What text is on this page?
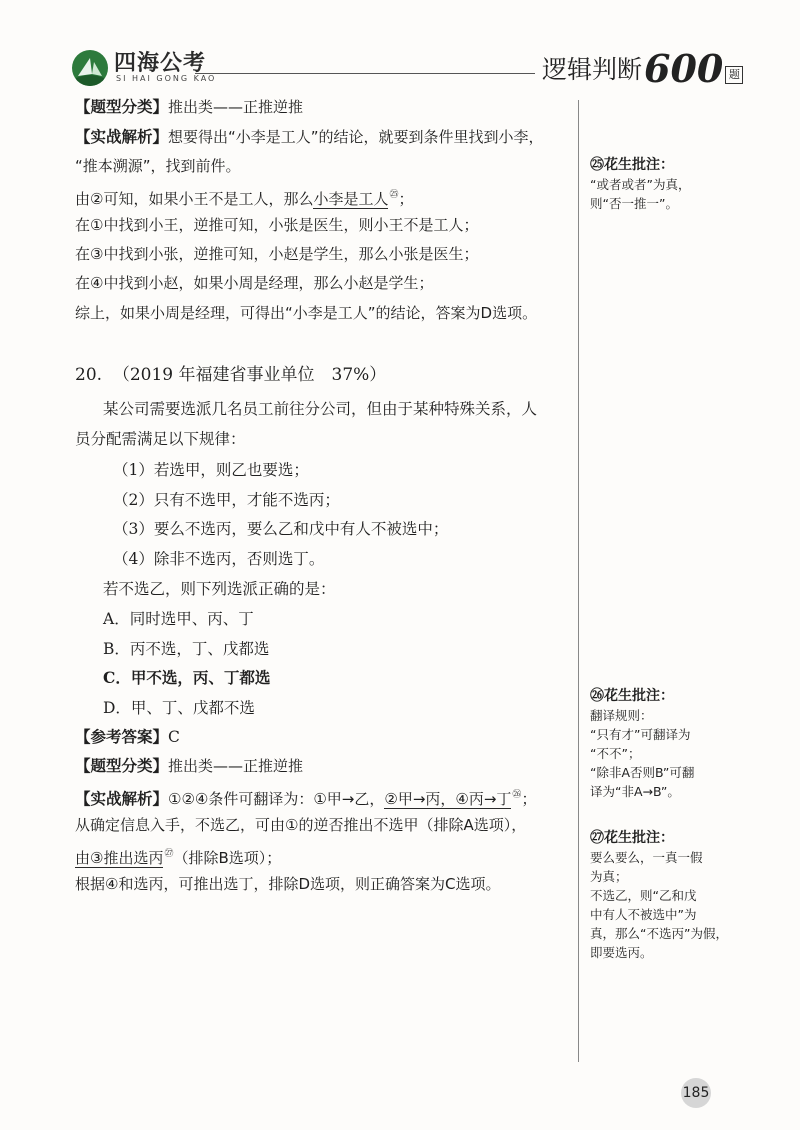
四海公考
SI HAI GONG KAO	逻辑判断600 题
【题型分类】推出类——正推逆推
【实战解析】想要得出“小李是工人”的结论，就要到条件里找到小李，
“推本溯源”，找到前件。
由②可知，如果小王不是工人，那么小李是工人$^㉕$；
在①中找到小王，逆推可知，小张是医生，则小王不是工人；
在③中找到小张，逆推可知，小赵是学生，那么小张是医生；
在④中找到小赵，如果小周是经理，那么小赵是学生；
综上，如果小周是经理，可得出“小李是工人”的结论，答案为D选项。
20. （2019 年福建省事业单位　37%）
某公司需要选派几名员工前往分公司，但由于某种特殊关系，人
员分配需满足以下规律：
（1）若选甲，则乙也要选；
（2）只有不选甲，才能不选丙；
（3）要么不选丙，要么乙和戊中有人不被选中；
（4）除非不选丙，否则选丁。
若不选乙，则下列选派正确的是：
A．同时选甲、丙、丁
B．丙不选，丁、戊都选
C．甲不选，丙、丁都选
D．甲、丁、戊都不选
【参考答案】C
【题型分类】推出类——正推逆推
【实战解析】①②④条件可翻译为：①甲→乙，②甲→丙，④丙→丁$^㉖$；
从确定信息入手，不选乙，可由①的逆否推出不选甲（排除A选项），
由③推出选丙$^㉗$（排除B选项）；
根据④和选丙，可推出选丁，排除D选项，则正确答案为C选项。
㉕花生批注：
“或者或者”为真，
则“否一推一”。
㉖花生批注：
翻译规则：
“只有才”可翻译为
“不不”；
“除非A否则B”可翻
译为“非A→B”。
㉗花生批注：
要么要么，一真一假
为真；
不选乙，则“乙和戊
中有人不被选中”为
真，那么“不选丙”为假，
即要选丙。
185
